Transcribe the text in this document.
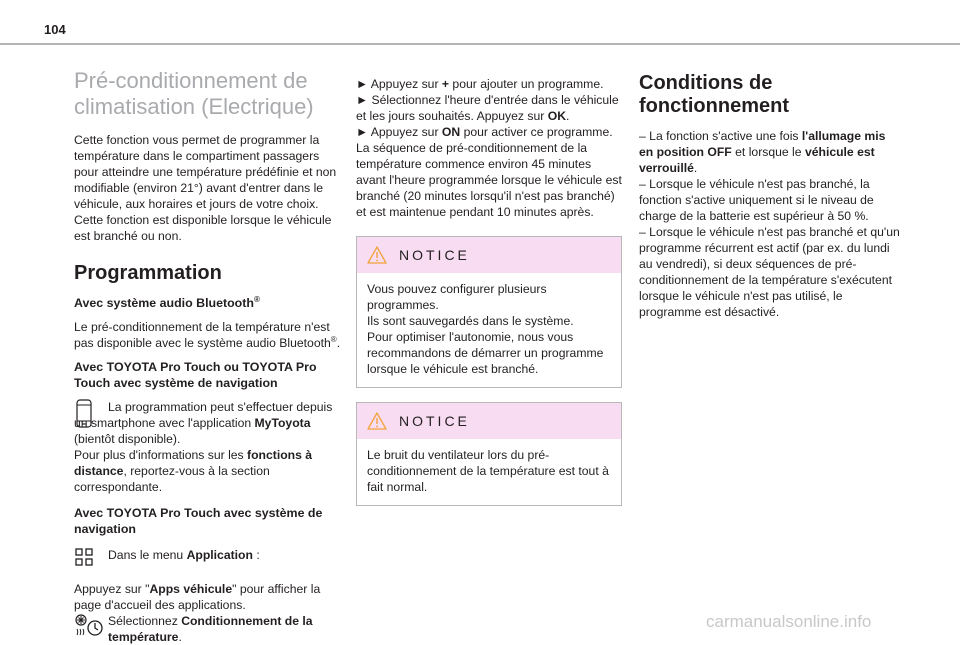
104
Pré-conditionnement de climatisation (Electrique)

Cette fonction vous permet de programmer la température dans le compartiment passagers pour atteindre une température prédéfinie et non modifiable (environ 21°) avant d'entrer dans le véhicule, aux horaires et jours de votre choix. Cette fonction est disponible lorsque le véhicule est branché ou non.

Programmation

Avec système audio Bluetooth®

Le pré-conditionnement de la température n'est pas disponible avec le système audio Bluetooth®.

Avec TOYOTA Pro Touch ou TOYOTA Pro Touch avec système de navigation

La programmation peut s'effectuer depuis un smartphone avec l'application MyToyota (bientôt disponible).
Pour plus d'informations sur les fonctions à distance, reportez-vous à la section correspondante.

Avec TOYOTA Pro Touch avec système de navigation

Dans le menu Application :

Appuyez sur "Apps véhicule" pour afficher la page d'accueil des applications.

Sélectionnez Conditionnement de la température.

► Appuyez sur + pour ajouter un programme.

► Sélectionnez l'heure d'entrée dans le véhicule et les jours souhaités. Appuyez sur OK.

► Appuyez sur ON pour activer ce programme.

La séquence de pré-conditionnement de la température commence environ 45 minutes avant l'heure programmée lorsque le véhicule est branché (20 minutes lorsqu'il n'est pas branché) et est maintenue pendant 10 minutes après.

NOTICE

Vous pouvez configurer plusieurs programmes.

Ils sont sauvegardés dans le système.

Pour optimiser l'autonomie, nous vous recommandons de démarrer un programme lorsque le véhicule est branché.

NOTICE

Le bruit du ventilateur lors du pré-conditionnement de la température est tout à fait normal.

Conditions de fonctionnement

– La fonction s'active une fois l'allumage mis en position OFF et lorsque le véhicule est verrouillé.

– Lorsque le véhicule n'est pas branché, la fonction s'active uniquement si le niveau de charge de la batterie est supérieur à 50 %.

– Lorsque le véhicule n'est pas branché et qu'un programme récurrent est actif (par ex. du lundi au vendredi), si deux séquences de pré-conditionnement de la température s'exécutent lorsque le véhicule n'est pas utilisé, le programme est désactivé.

carmanualsonline.info
